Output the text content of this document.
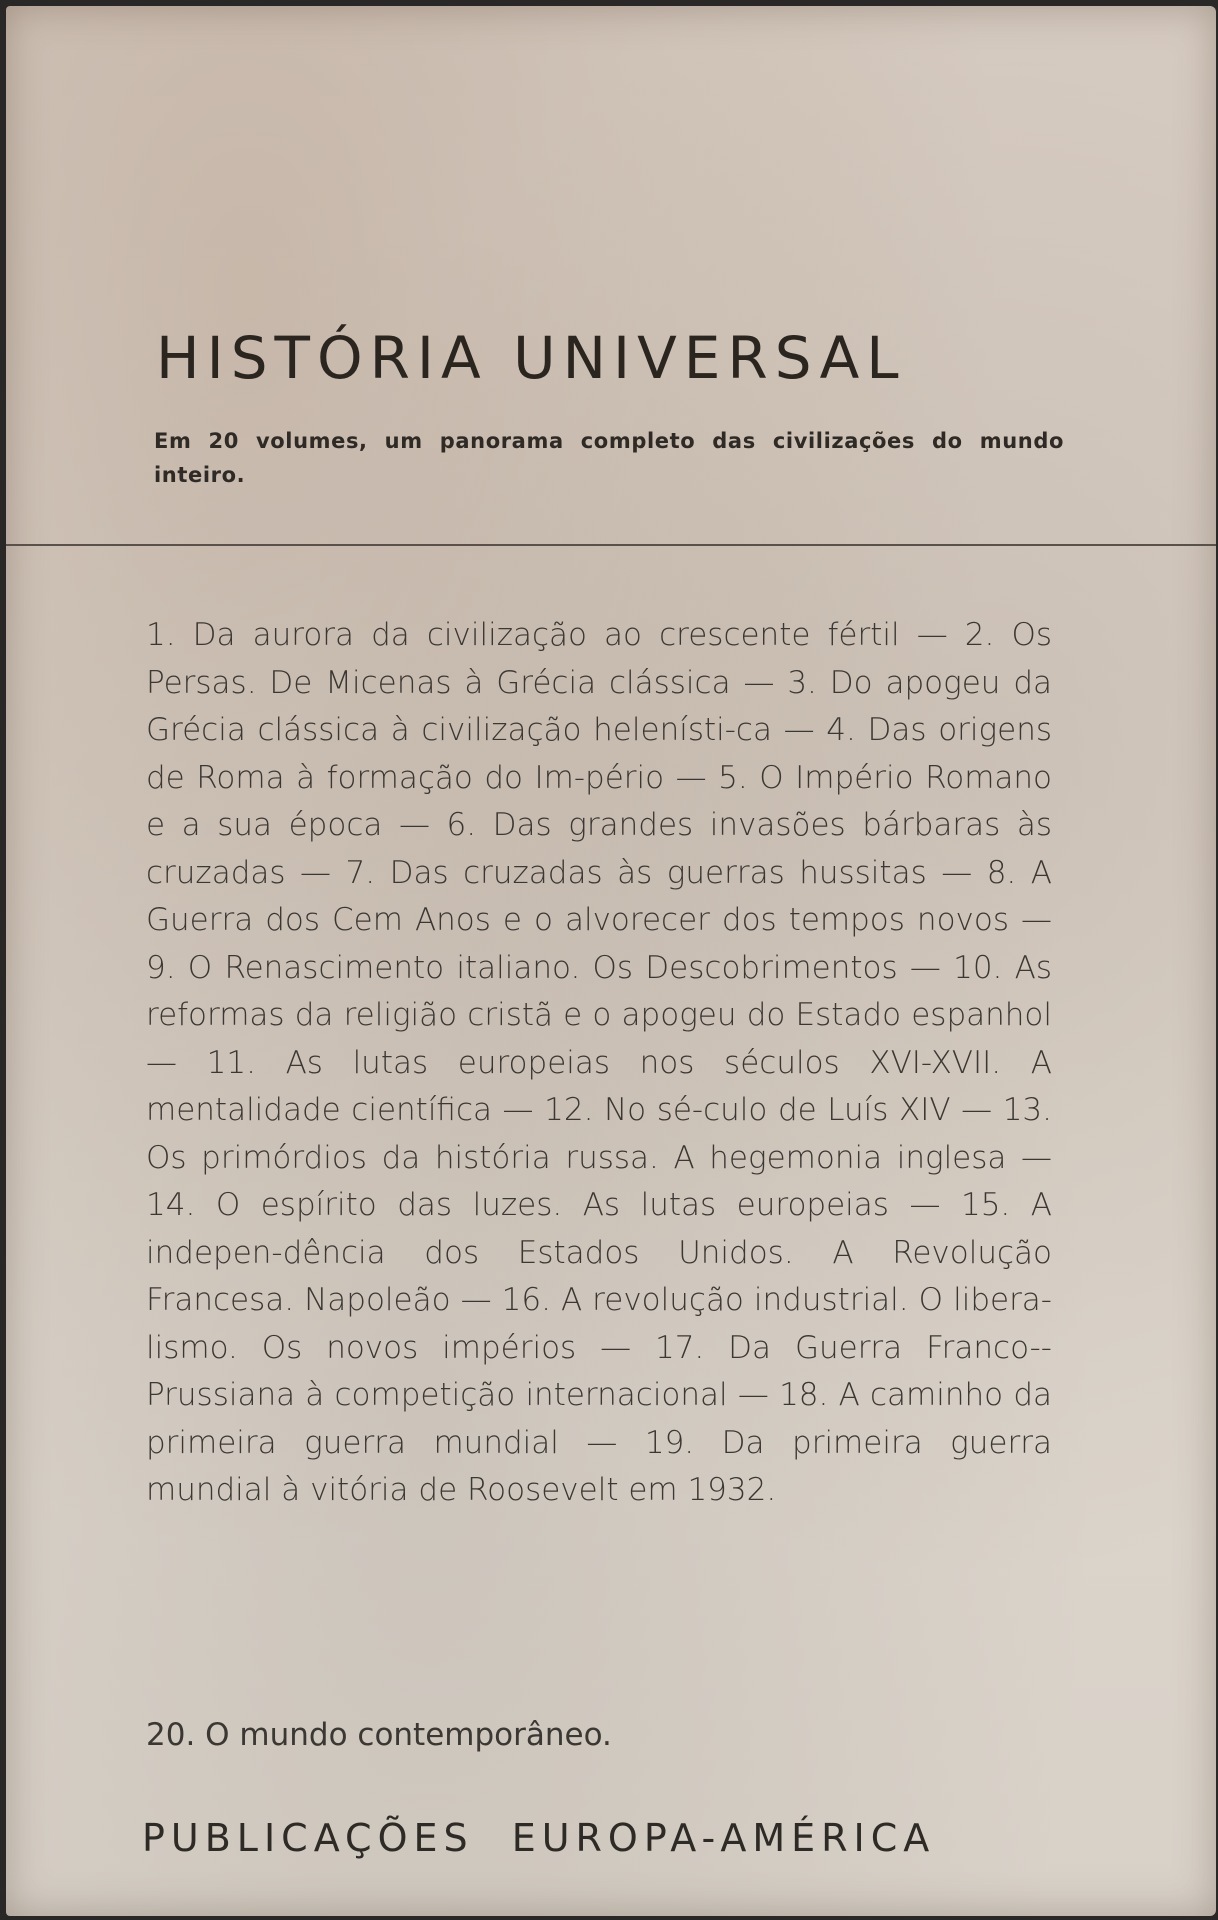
HISTÓRIA UNIVERSAL

Em 20 volumes, um panorama completo das civilizações do mundo inteiro.

1. Da aurora da civilização ao crescente fértil — 2. Os Persas. De Micenas à Grécia clássica — 3. Do apogeu da Grécia clássica à civilização helenísti-ca — 4. Das origens de Roma à formação do Im-pério — 5. O Império Romano e a sua época — 6. Das grandes invasões bárbaras às cruzadas — 7. Das cruzadas às guerras hussitas — 8. A Guerra dos Cem Anos e o alvorecer dos tempos novos — 9. O Renascimento italiano. Os Descobrimentos — 10. As reformas da religião cristã e o apogeu do Estado espanhol — 11. As lutas europeias nos séculos XVI-XVII. A mentalidade científica — 12. No sé-culo de Luís XIV — 13. Os primórdios da história russa. A hegemonia inglesa — 14. O espírito das luzes. As lutas europeias — 15. A indepen-dência dos Estados Unidos. A Revolução Francesa. Napoleão — 16. A revolução industrial. O libera-lismo. Os novos impérios — 17. Da Guerra Franco--Prussiana à competição internacional — 18. A caminho da primeira guerra mundial — 19. Da primeira guerra mundial à vitória de Roosevelt em 1932.

20. O mundo contemporâneo.

PUBLICAÇÕES EUROPA-AMÉRICA
